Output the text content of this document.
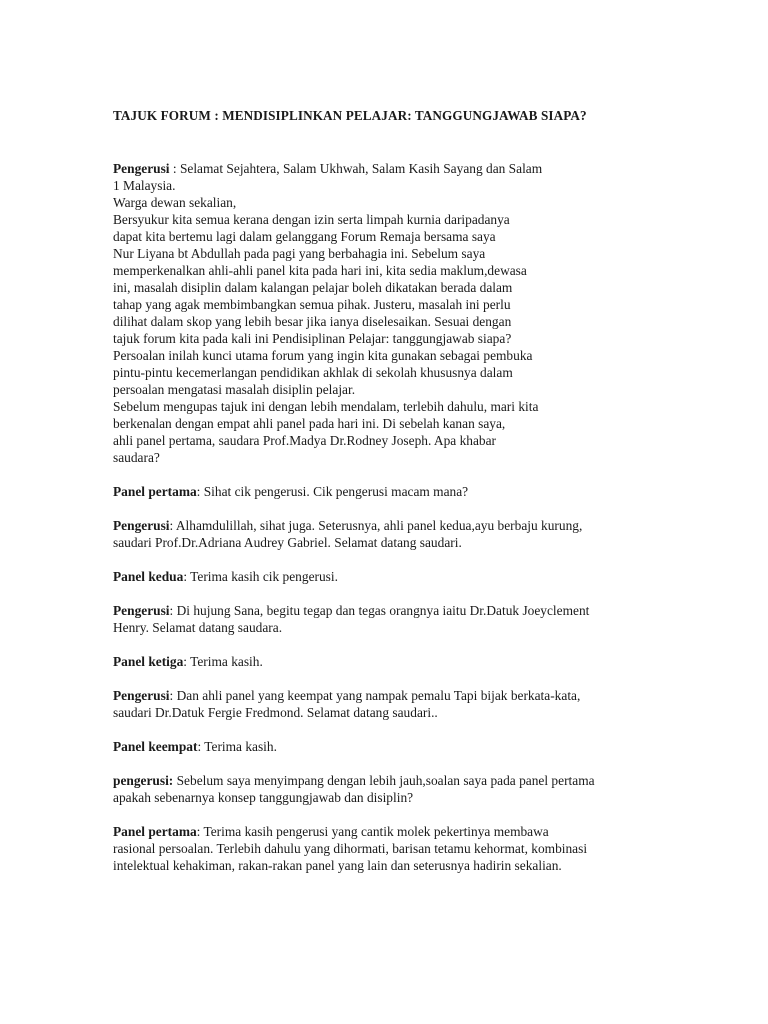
TAJUK FORUM : MENDISIPLINKAN PELAJAR: TANGGUNGJAWAB SIAPA?
Pengerusi : Selamat Sejahtera, Salam Ukhwah, Salam Kasih Sayang dan Salam
1 Malaysia.
Warga dewan sekalian,
Bersyukur kita semua kerana dengan izin serta limpah kurnia daripadanya
dapat kita bertemu lagi dalam gelanggang Forum Remaja bersama saya
Nur Liyana bt Abdullah pada pagi yang berbahagia ini. Sebelum saya
memperkenalkan ahli-ahli panel kita pada hari ini, kita sedia maklum,dewasa
ini, masalah disiplin dalam kalangan pelajar boleh dikatakan berada dalam
tahap yang agak membimbangkan semua pihak. Justeru, masalah ini perlu
dilihat dalam skop yang lebih besar jika ianya diselesaikan. Sesuai dengan
tajuk forum kita pada kali ini Pendisiplinan Pelajar: tanggungjawab siapa?
Persoalan inilah kunci utama forum yang ingin kita gunakan sebagai pembuka
pintu-pintu kecemerlangan pendidikan akhlak di sekolah khususnya dalam
persoalan mengatasi masalah disiplin pelajar.
Sebelum mengupas tajuk ini dengan lebih mendalam, terlebih dahulu, mari kita
berkenalan dengan empat ahli panel pada hari ini. Di sebelah kanan saya,
ahli panel pertama, saudara Prof.Madya Dr.Rodney Joseph. Apa khabar
saudara?
Panel pertama: Sihat cik pengerusi. Cik pengerusi macam mana?
Pengerusi: Alhamdulillah, sihat juga. Seterusnya, ahli panel kedua,ayu berbaju kurung,
saudari Prof.Dr.Adriana Audrey Gabriel. Selamat datang saudari.
Panel kedua: Terima kasih cik pengerusi.
Pengerusi: Di hujung Sana, begitu tegap dan tegas orangnya iaitu Dr.Datuk Joeyclement
Henry. Selamat datang saudara.
Panel ketiga: Terima kasih.
Pengerusi: Dan ahli panel yang keempat yang nampak pemalu Tapi bijak berkata-kata,
saudari Dr.Datuk Fergie Fredmond. Selamat datang saudari..
Panel keempat: Terima kasih.
pengerusi: Sebelum saya menyimpang dengan lebih jauh,soalan saya pada panel pertama
apakah sebenarnya konsep tanggungjawab dan disiplin?
Panel pertama: Terima kasih pengerusi yang cantik molek pekertinya membawa
rasional persoalan. Terlebih dahulu yang dihormati, barisan tetamu kehormat, kombinasi
intelektual kehakiman, rakan-rakan panel yang lain dan seterusnya hadirin sekalian.
